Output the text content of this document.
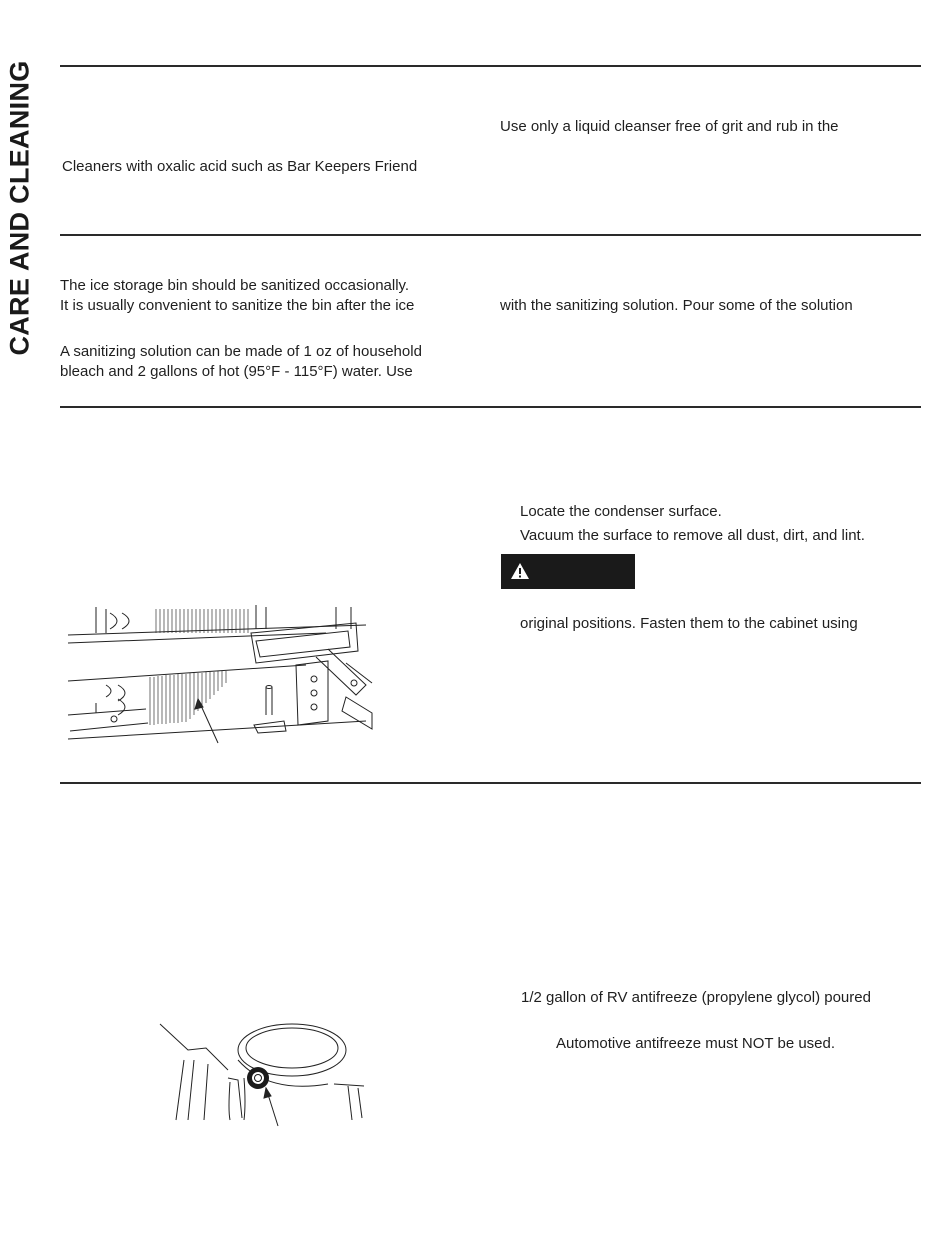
CARE AND CLEANING	Use only a liquid cleanser free of grit and rub in the
Cleaners with oxalic acid such as Bar Keepers Friend
The ice storage bin should be sanitized occasionally.
It is usually convenient to sanitize the bin after the ice	with the sanitizing solution. Pour some of the solution
A sanitizing solution can be made of 1 oz of household
bleach and 2 gallons of hot (95°F - 115°F) water. Use
Locate the condenser surface.
Vacuum the surface to remove all dust, dirt, and lint.
original positions. Fasten them to the cabinet using
1/2 gallon of RV antifreeze (propylene glycol) poured
Automotive antifreeze must NOT be used.
